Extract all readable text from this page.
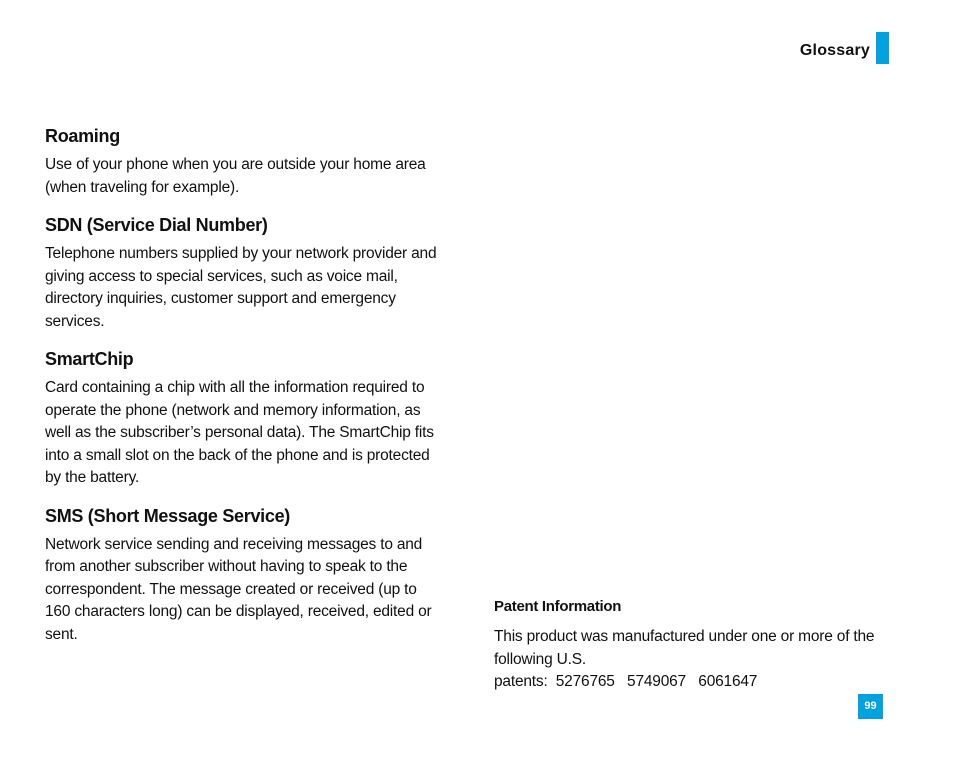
Glossary
Roaming

Use of your phone when you are outside your home area (when traveling for example).

SDN (Service Dial Number)

Telephone numbers supplied by your network provider and giving access to special services, such as voice mail, directory inquiries, customer support and emergency services.

SmartChip

Card containing a chip with all the information required to operate the phone (network and memory information, as well as the subscriber’s personal data). The SmartChip fits into a small slot on the back of the phone and is protected by the battery.

SMS (Short Message Service)

Network service sending and receiving messages to and from another subscriber without having to speak to the correspondent. The message created or received (up to 160 characters long) can be displayed, received, edited or sent.

Patent Information

This product was manufactured under one or more of the following U.S.

patents:  5276765   5749067   6061647

99
